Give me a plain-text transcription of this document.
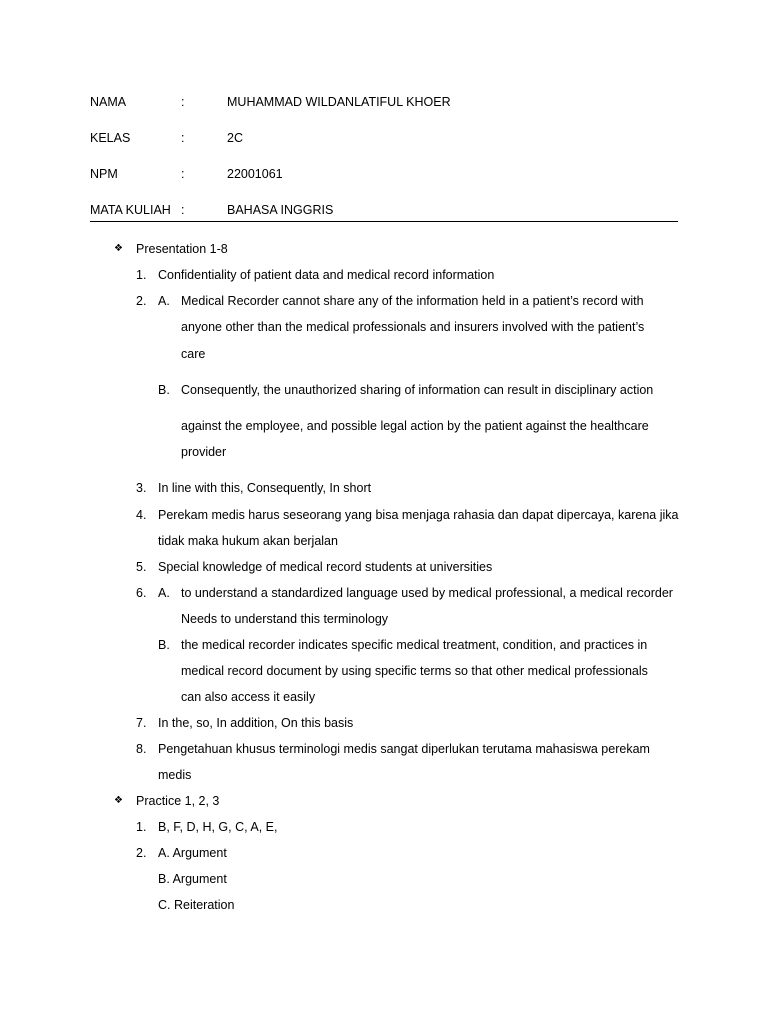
NAMA	:	MUHAMMAD WILDANLATIFUL KHOER
KELAS	:	2C
NPM	:	22001061
MATA KULIAH :	BAHASA INGGRIS
❖ Presentation 1-8
1. Confidentiality of patient data and medical record information
2. A. Medical Recorder cannot share any of the information held in a patient’s record with
anyone other than the medical professionals and insurers involved with the patient’s
care
B. Consequently, the unauthorized sharing of information can result in disciplinary action
against the employee, and possible legal action by the patient against the healthcare
provider
3. In line with this, Consequently, In short
4. Perekam medis harus seseorang yang bisa menjaga rahasia dan dapat dipercaya, karena jika
tidak maka hukum akan berjalan
5. Special knowledge of medical record students at universities
6. A. to understand a standardized language used by medical professional, a medical recorder
Needs to understand this terminology
B. the medical recorder indicates specific medical treatment, condition, and practices in
medical record document by using specific terms so that other medical professionals
can also access it easily
7. In the, so, In addition, On this basis
8. Pengetahuan khusus terminologi medis sangat diperlukan terutama mahasiswa perekam
medis
❖ Practice 1, 2, 3
1. B, F, D, H, G, C, A, E,
2. A. Argument
B. Argument
C. Reiteration
